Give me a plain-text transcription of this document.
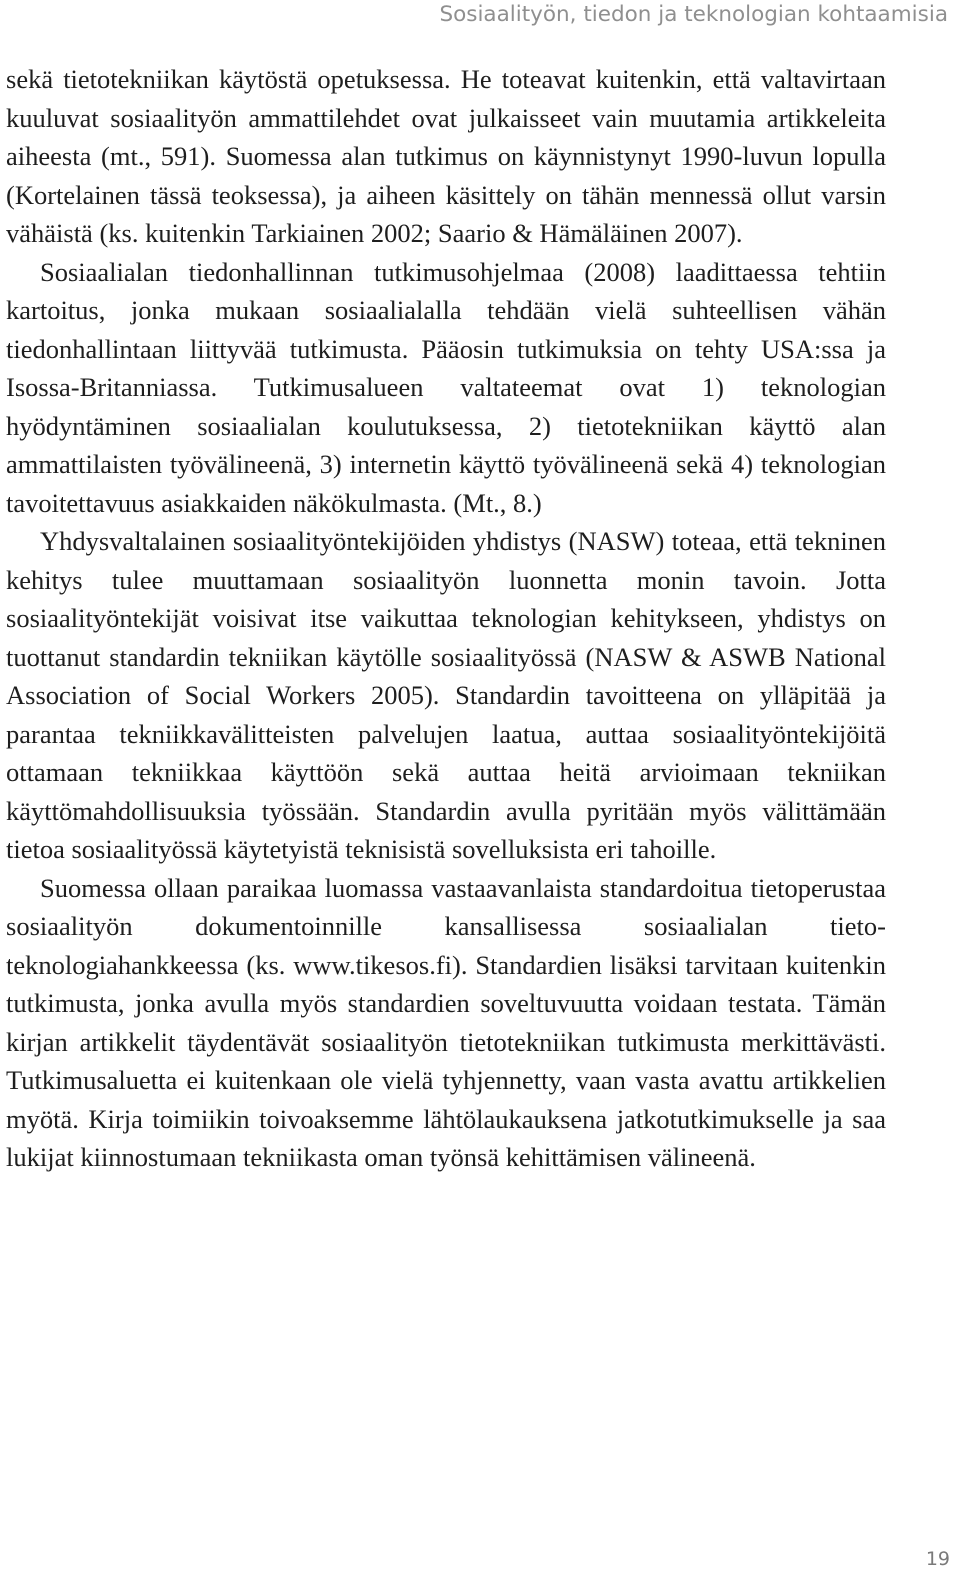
Sosiaalityön, tiedon ja teknologian kohtaamisia

sekä tietotekniikan käytöstä opetuksessa. He toteavat kuitenkin, että valtavirtaan kuuluvat sosiaalityön ammattilehdet ovat julkaisseet vain muutamia artikkeleita aiheesta (mt., 591). Suomessa alan tutkimus on käynnistynyt 1990-luvun lopulla (Kortelainen tässä teoksessa), ja aiheen käsittely on tähän mennessä ollut varsin vähäistä (ks. kuitenkin Tarkiainen 2002; Saario & Hämäläinen 2007).

Sosiaalialan tiedonhallinnan tutkimusohjelmaa (2008) laadittaessa tehtiin kartoitus, jonka mukaan sosiaalialalla tehdään vielä suhteellisen vähän tiedonhallintaan liittyvää tutkimusta. Pääosin tutkimuksia on tehty USA:ssa ja Isossa-Britanniassa. Tutkimusalueen valtateemat ovat 1) teknologian hyödyntäminen sosiaalialan koulutuksessa, 2) tietotekniikan käyttö alan ammattilaisten työvälineenä, 3) internetin käyttö työvälineenä sekä 4) teknologian tavoitettavuus asiakkaiden näkökulmasta. (Mt., 8.)

Yhdysvaltalainen sosiaalityöntekijöiden yhdistys (NASW) toteaa, että tekninen kehitys tulee muuttamaan sosiaalityön luonnetta monin tavoin. Jotta sosiaalityöntekijät voisivat itse vaikuttaa teknologian kehitykseen, yhdistys on tuottanut standardin tekniikan käytölle sosiaalityössä (NASW & ASWB National Association of Social Workers 2005). Standardin tavoitteena on ylläpitää ja parantaa tekniikkavälitteisten palvelujen laatua, auttaa sosiaalityöntekijöitä ottamaan tekniikkaa käyttöön sekä auttaa heitä arvioimaan tekniikan käyttömahdollisuuksia työssään. Standardin avulla pyritään myös välittämään tietoa sosiaalityössä käytetyistä teknisistä sovelluksista eri tahoille.

Suomessa ollaan paraikaa luomassa vastaavanlaista standardoitua tietoperustaa sosiaalityön dokumentoinnille kansallisessa sosiaalialan tietoteknologiahankkeessa (ks. www.tikesos.fi). Standardien lisäksi tarvitaan kuitenkin tutkimusta, jonka avulla myös standardien soveltuvuutta voidaan testata. Tämän kirjan artikkelit täydentävät sosiaalityön tietotekniikan tutkimusta merkittävästi. Tutkimusaluetta ei kuitenkaan ole vielä tyhjennetty, vaan vasta avattu artikkelien myötä. Kirja toimiikin toivoaksemme lähtölaukauksena jatkotutkimukselle ja saa lukijat kiinnostumaan tekniikasta oman työnsä kehittämisen välineenä.

19
